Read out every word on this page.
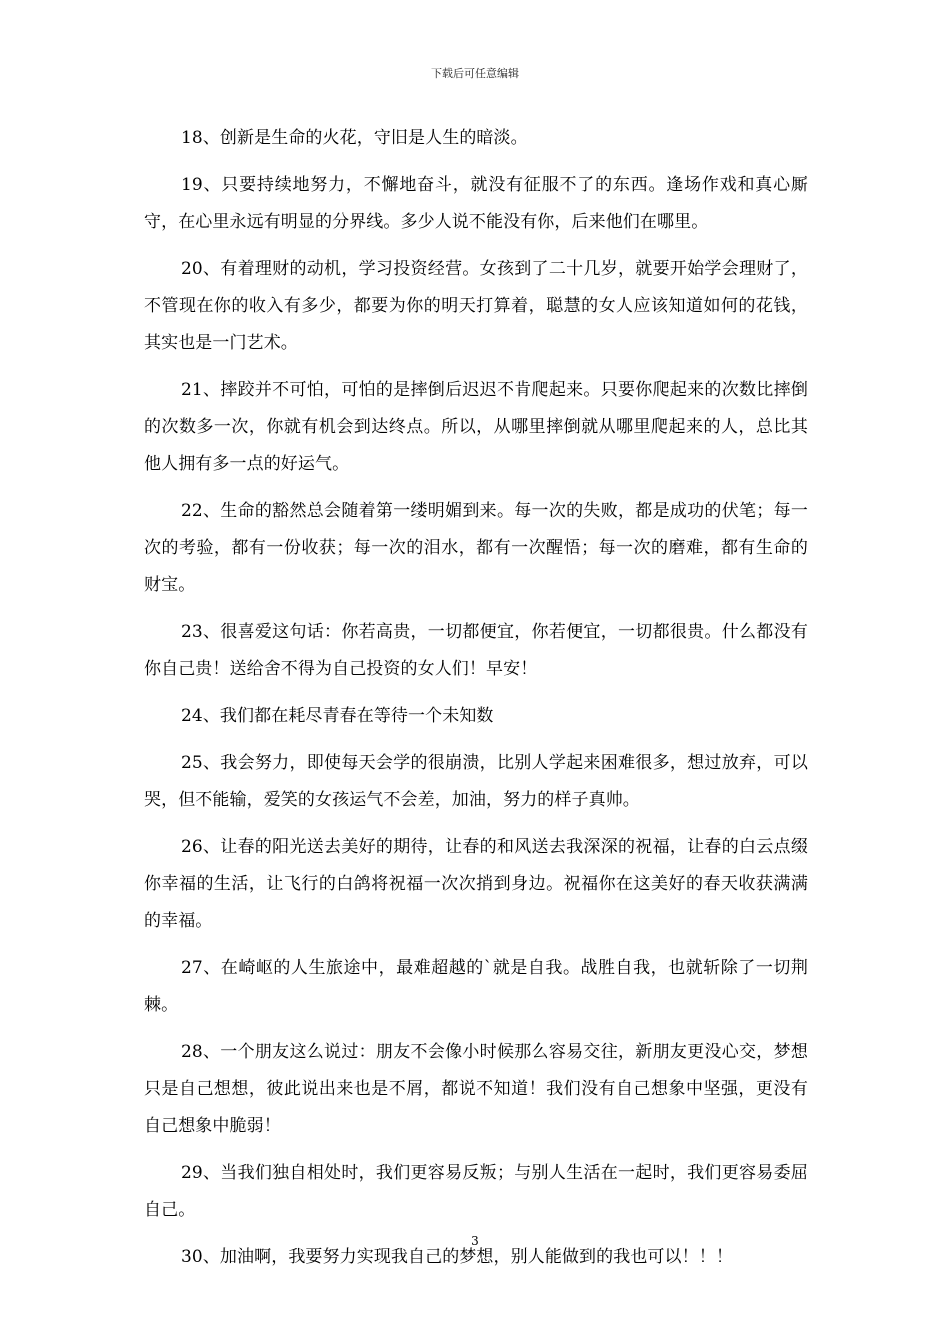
下载后可任意编辑

18、创新是生命的火花，守旧是人生的暗淡。

19、只要持续地努力，不懈地奋斗，就没有征服不了的东西。逢场作戏和真心厮守，在心里永远有明显的分界线。多少人说不能没有你，后来他们在哪里。

20、有着理财的动机，学习投资经营。女孩到了二十几岁，就要开始学会理财了，不管现在你的收入有多少，都要为你的明天打算着，聪慧的女人应该知道如何的花钱，其实也是一门艺术。

21、摔跤并不可怕，可怕的是摔倒后迟迟不肯爬起来。只要你爬起来的次数比摔倒的次数多一次，你就有机会到达终点。所以，从哪里摔倒就从哪里爬起来的人，总比其他人拥有多一点的好运气。

22、生命的豁然总会随着第一缕明媚到来。每一次的失败，都是成功的伏笔；每一次的考验，都有一份收获；每一次的泪水，都有一次醒悟；每一次的磨难，都有生命的财宝。

23、很喜爱这句话：你若高贵，一切都便宜，你若便宜，一切都很贵。什么都没有你自己贵！送给舍不得为自己投资的女人们！早安！

24、我们都在耗尽青春在等待一个未知数

25、我会努力，即使每天会学的很崩溃，比别人学起来困难很多，想过放弃，可以哭，但不能输，爱笑的女孩运气不会差，加油，努力的样子真帅。

26、让春的阳光送去美好的期待，让春的和风送去我深深的祝福，让春的白云点缀你幸福的生活，让飞行的白鸽将祝福一次次捎到身边。祝福你在这美好的春天收获满满的幸福。

27、在崎岖的人生旅途中，最难超越的`就是自我。战胜自我，也就斩除了一切荆棘。

28、一个朋友这么说过：朋友不会像小时候那么容易交往，新朋友更没心交，梦想只是自己想想，彼此说出来也是不屑，都说不知道！我们没有自己想象中坚强，更没有自己想象中脆弱！

29、当我们独自相处时，我们更容易反叛；与别人生活在一起时，我们更容易委屈自己。

30、加油啊，我要努力实现我自己的梦想，别人能做到的我也可以！！！

3
